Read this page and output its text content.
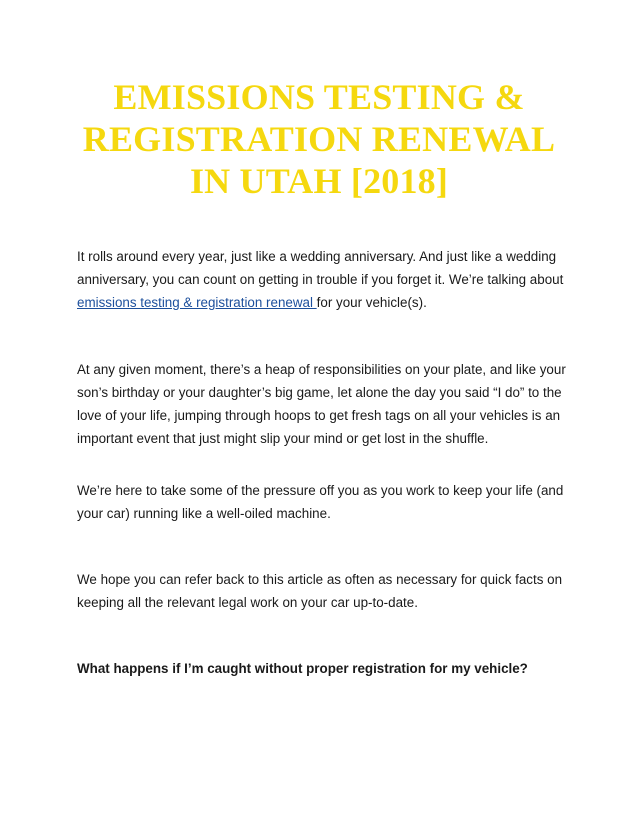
EMISSIONS TESTING & REGISTRATION RENEWAL IN UTAH [2018]

It rolls around every year, just like a wedding anniversary. And just like a wedding anniversary, you can count on getting in trouble if you forget it. We’re talking about emissions testing & registration renewal for your vehicle(s).

At any given moment, there’s a heap of responsibilities on your plate, and like your son’s birthday or your daughter’s big game, let alone the day you said “I do” to the love of your life, jumping through hoops to get fresh tags on all your vehicles is an important event that just might slip your mind or get lost in the shuffle.

We’re here to take some of the pressure off you as you work to keep your life (and your car) running like a well-oiled machine.

We hope you can refer back to this article as often as necessary for quick facts on keeping all the relevant legal work on your car up-to-date.

What happens if I’m caught without proper registration for my vehicle?
